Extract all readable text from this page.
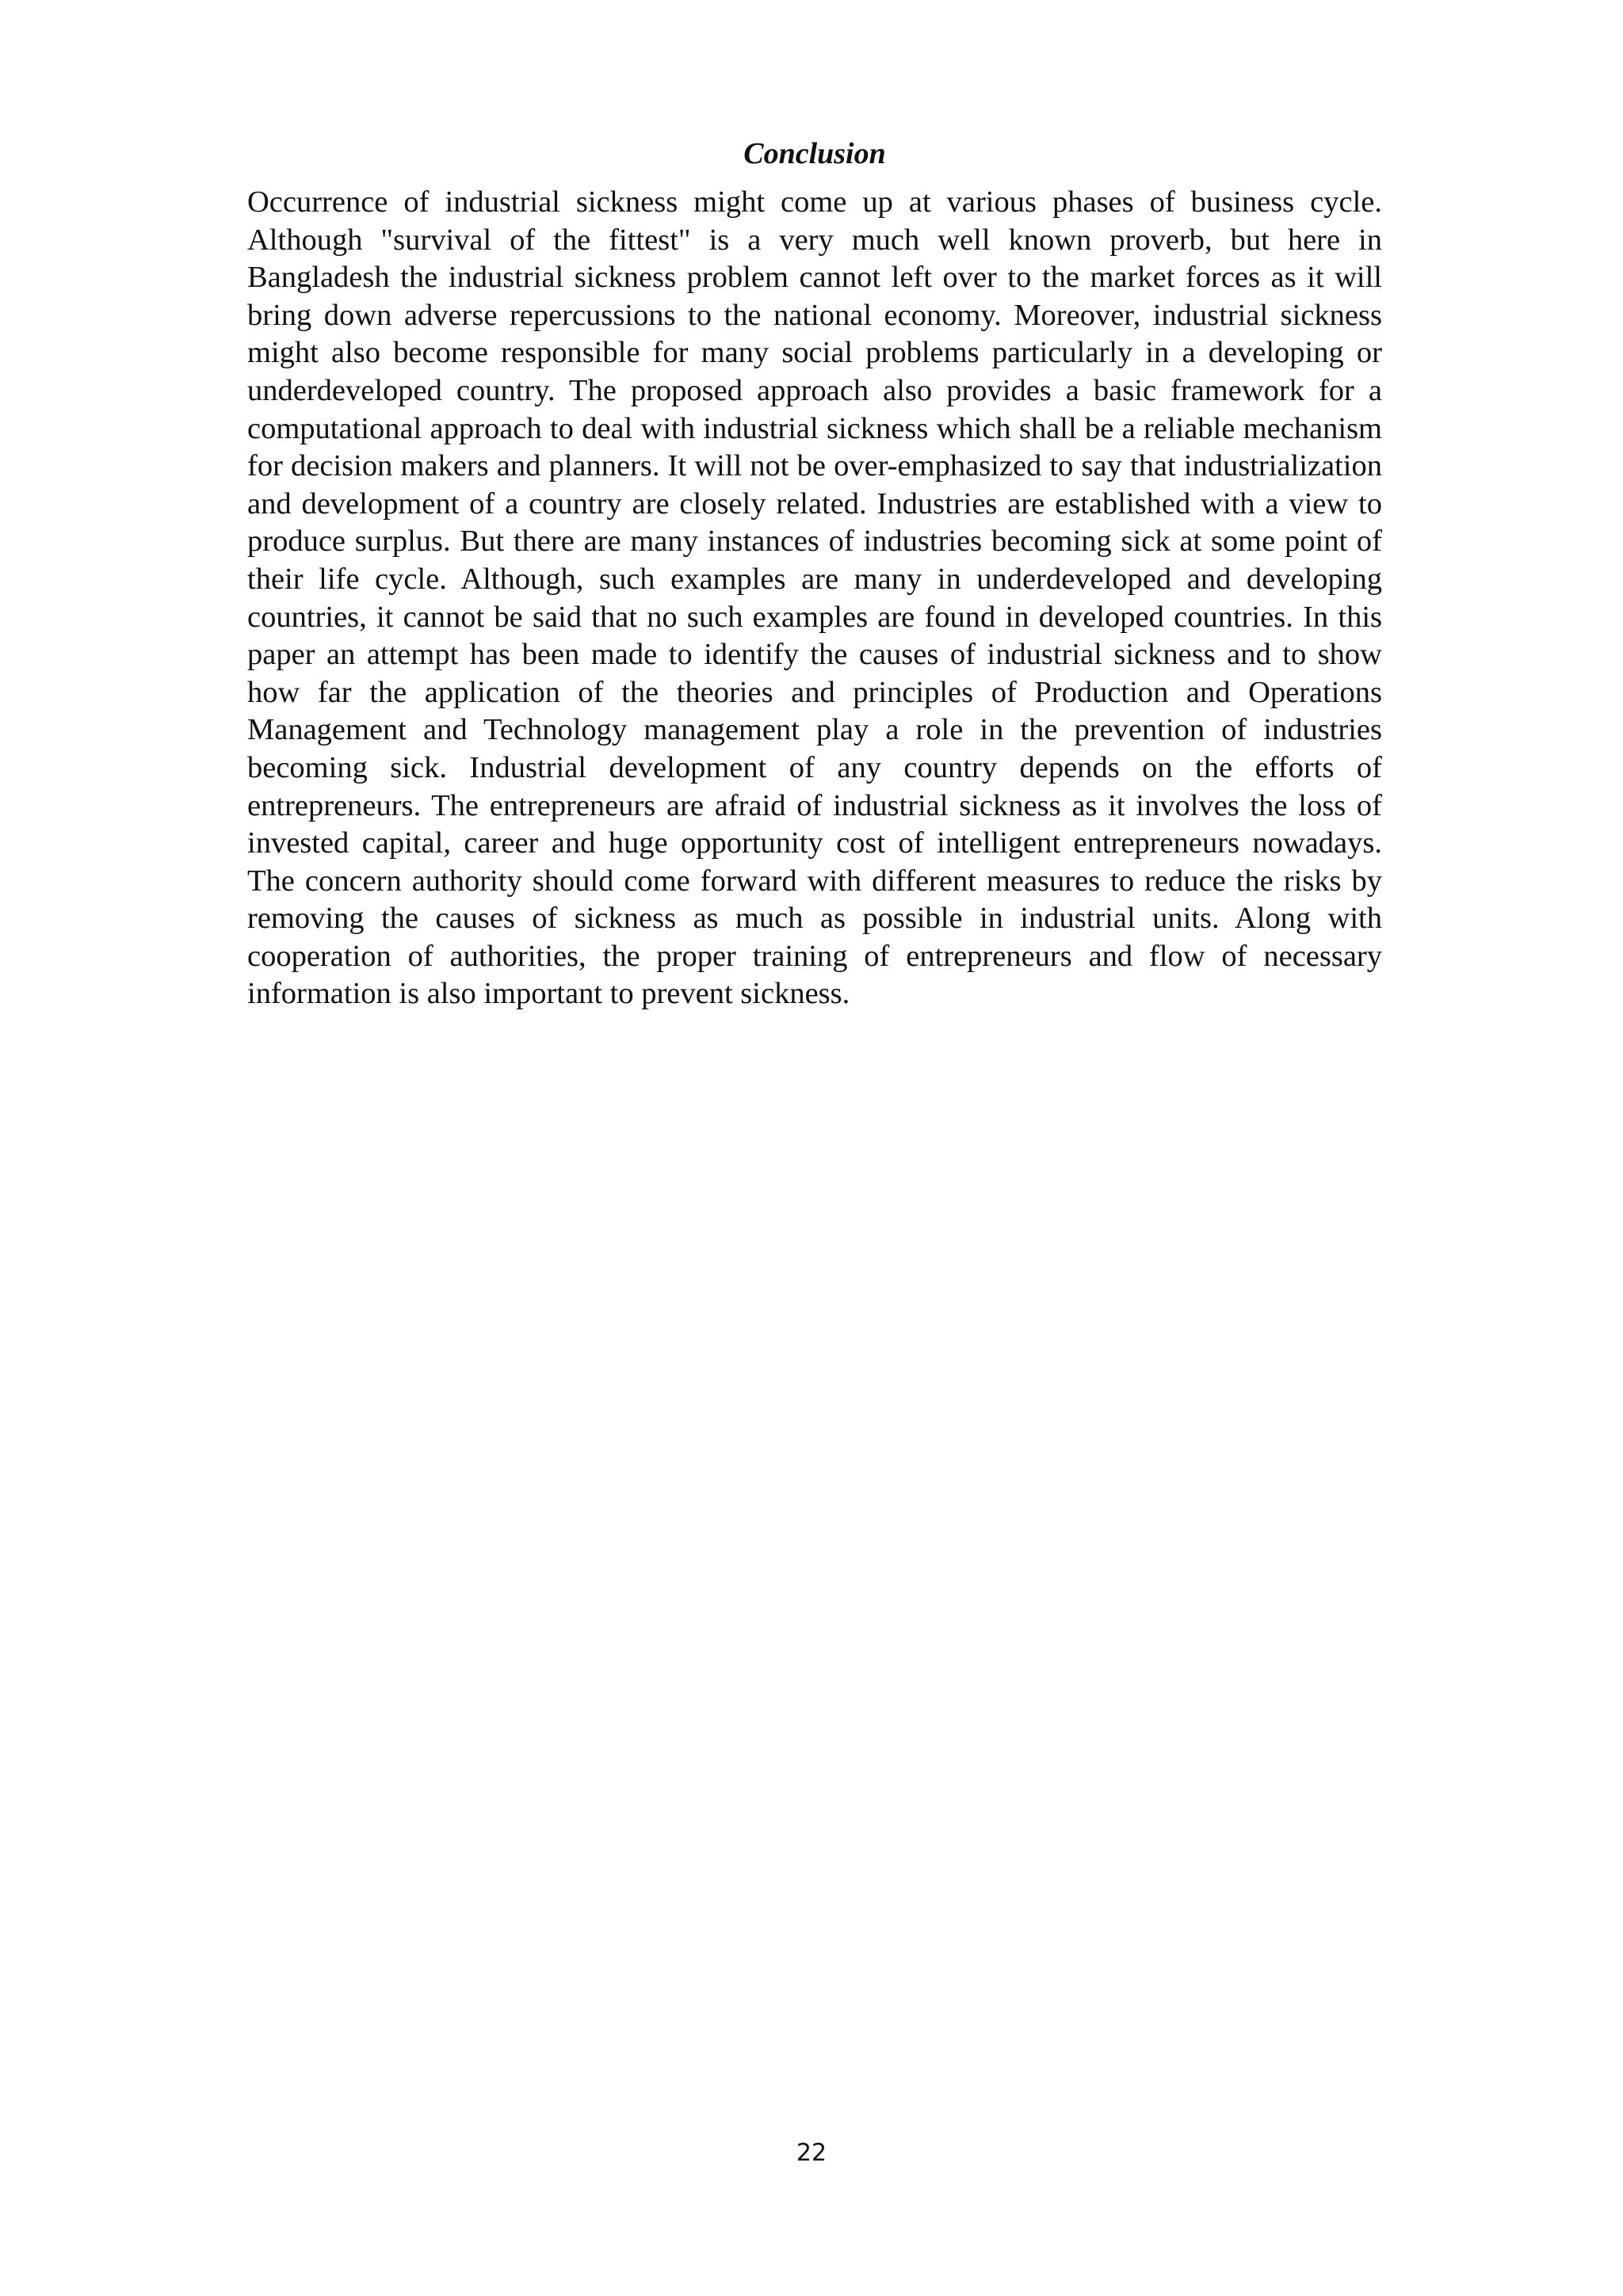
Conclusion

Occurrence of industrial sickness might come up at various phases of business cycle. Although "survival of the fittest" is a very much well known proverb, but here in Bangladesh the industrial sickness problem cannot left over to the market forces as it will bring down adverse repercussions to the national economy. Moreover, industrial sickness might also become responsible for many social problems particularly in a developing or underdeveloped country. The proposed approach also provides a basic framework for a computational approach to deal with industrial sickness which shall be a reliable mechanism for decision makers and planners. It will not be over-emphasized to say that industrialization and development of a country are closely related. Industries are established with a view to produce surplus. But there are many instances of industries becoming sick at some point of their life cycle. Although, such examples are many in underdeveloped and developing countries, it cannot be said that no such examples are found in developed countries. In this paper an attempt has been made to identify the causes of industrial sickness and to show how far the application of the theories and principles of Production and Operations Management and Technology management play a role in the prevention of industries becoming sick. Industrial development of any country depends on the efforts of entrepreneurs. The entrepreneurs are afraid of industrial sickness as it involves the loss of invested capital, career and huge opportunity cost of intelligent entrepreneurs nowadays. The concern authority should come forward with different measures to reduce the risks by removing the causes of sickness as much as possible in industrial units. Along with cooperation of authorities, the proper training of entrepreneurs and flow of necessary information is also important to prevent sickness.

22
